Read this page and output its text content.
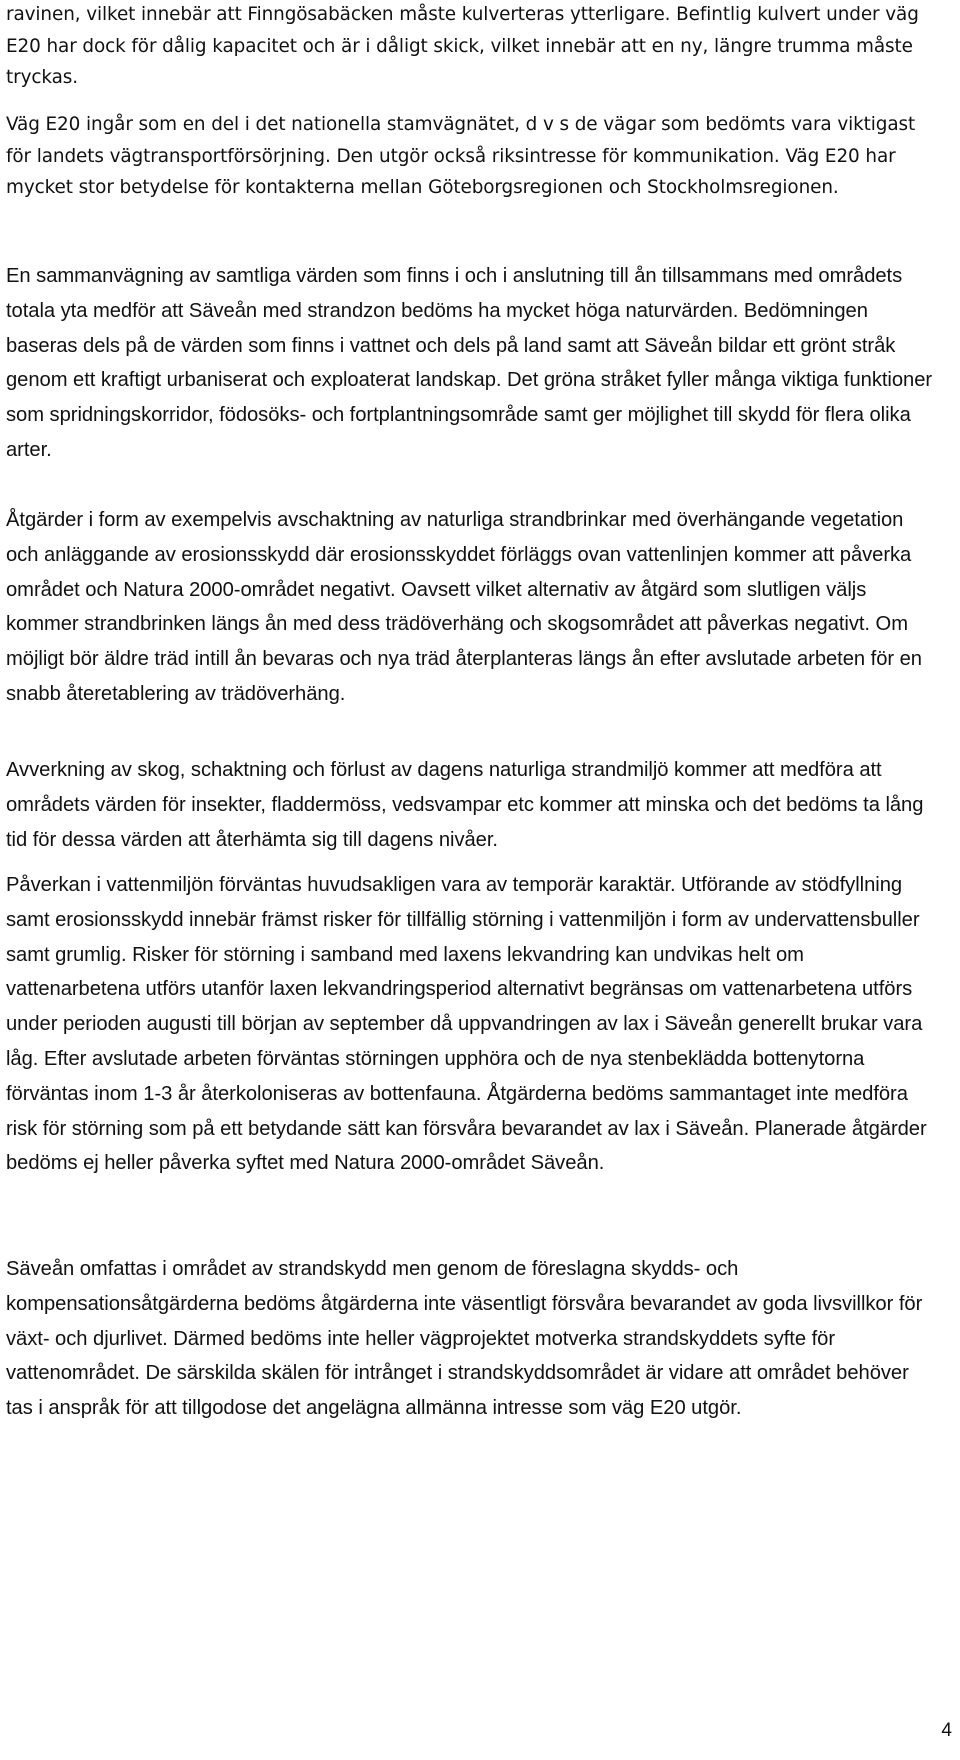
ravinen, vilket innebär att Finngösabäcken måste kulverteras ytterligare. Befintlig kulvert under väg E20 har dock för dålig kapacitet och är i dåligt skick, vilket innebär att en ny, längre trumma måste tryckas.

Väg E20 ingår som en del i det nationella stamvägnätet, d v s de vägar som bedömts vara viktigast för landets vägtransportförsörjning. Den utgör också riksintresse för kommunikation. Väg E20 har mycket stor betydelse för kontakterna mellan Göteborgsregionen och Stockholmsregionen.

En sammanvägning av samtliga värden som finns i och i anslutning till ån tillsammans med områdets totala yta medför att Säveån med strandzon bedöms ha mycket höga naturvärden. Bedömningen baseras dels på de värden som finns i vattnet och dels på land samt att Säveån bildar ett grönt stråk genom ett kraftigt urbaniserat och exploaterat landskap. Det gröna stråket fyller många viktiga funktioner som spridningskorridor, födosöks- och fortplantningsområde samt ger möjlighet till skydd för flera olika arter.

Åtgärder i form av exempelvis avschaktning av naturliga strandbrinkar med överhängande vegetation och anläggande av erosionsskydd där erosionsskyddet förläggs ovan vattenlinjen kommer att påverka området och Natura 2000-området negativt. Oavsett vilket alternativ av åtgärd som slutligen väljs kommer strandbrinken längs ån med dess trädöverhäng och skogsområdet att påverkas negativt. Om möjligt bör äldre träd intill ån bevaras och nya träd återplanteras längs ån efter avslutade arbeten för en snabb återetablering av trädöverhäng.

Avverkning av skog, schaktning och förlust av dagens naturliga strandmiljö kommer att medföra att områdets värden för insekter, fladdermöss, vedsvampar etc kommer att minska och det bedöms ta lång tid för dessa värden att återhämta sig till dagens nivåer.

Påverkan i vattenmiljön förväntas huvudsakligen vara av temporär karaktär. Utförande av stödfyllning samt erosionsskydd innebär främst risker för tillfällig störning i vattenmiljön i form av undervattensbuller samt grumlig. Risker för störning i samband med laxens lekvandring kan undvikas helt om vattenarbetena utförs utanför laxen lekvandringsperiod alternativt begränsas om vattenarbetena utförs under perioden augusti till början av september då uppvandringen av lax i Säveån generellt brukar vara låg. Efter avslutade arbeten förväntas störningen upphöra och de nya stenbeklädda bottenytorna förväntas inom 1-3 år återkoloniseras av bottenfauna. Åtgärderna bedöms sammantaget inte medföra risk för störning som på ett betydande sätt kan försvåra bevarandet av lax i Säveån. Planerade åtgärder bedöms ej heller påverka syftet med Natura 2000-området Säveån.

Säveån omfattas i området av strandskydd men genom de föreslagna skydds- och kompensationsåtgärderna bedöms åtgärderna inte väsentligt försvåra bevarandet av goda livsvillkor för växt- och djurlivet. Därmed bedöms inte heller vägprojektet motverka strandskyddets syfte för vattenområdet. De särskilda skälen för intrånget i strandskyddsområdet är vidare att området behöver tas i anspråk för att tillgodose det angelägna allmänna intresse som väg E20 utgör.

4
